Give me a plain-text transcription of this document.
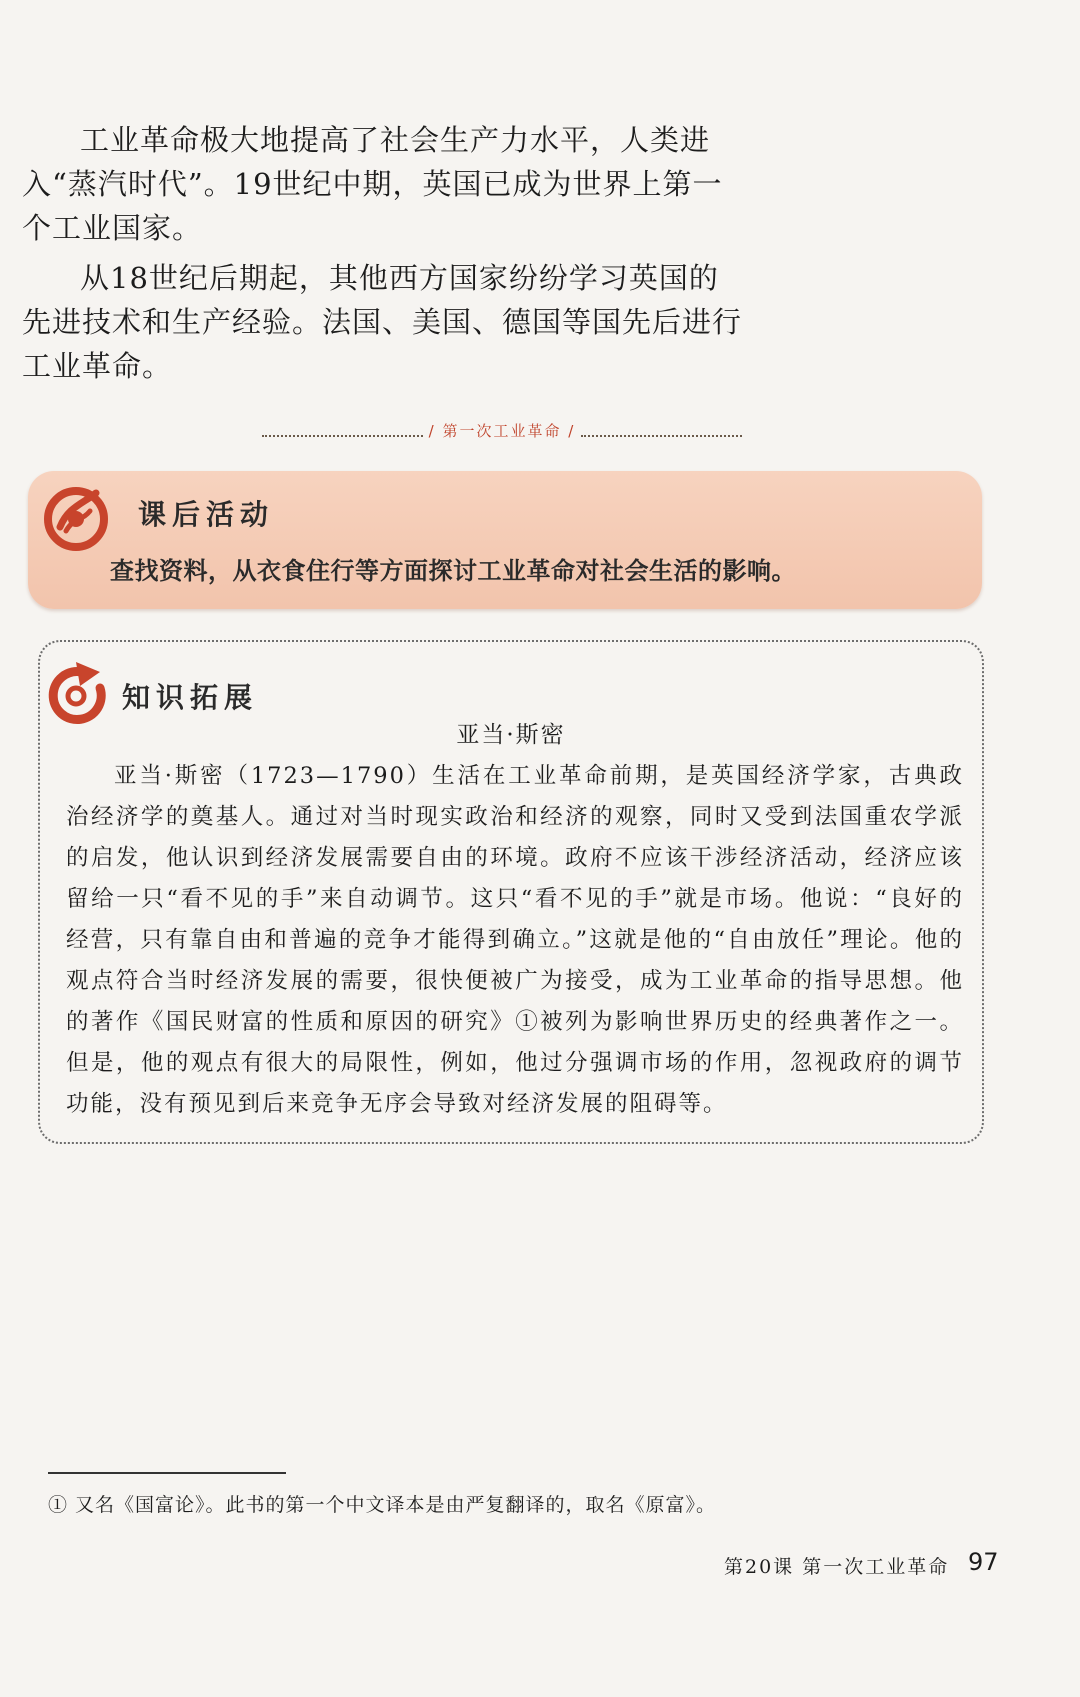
工业革命极大地提高了社会生产力水平，人类进入“蒸汽时代”。19世纪中期，英国已成为世界上第一个工业国家。

从18世纪后期起，其他西方国家纷纷学习英国的先进技术和生产经验。法国、美国、德国等国先后进行工业革命。

/ 第一次工业革命 /
课后活动
查找资料，从衣食住行等方面探讨工业革命对社会生活的影响。
知识拓展
亚当·斯密
亚当·斯密（1723—1790）生活在工业革命前期，是英国经济学家，古典政治经济学的奠基人。通过对当时现实政治和经济的观察，同时又受到法国重农学派的启发，他认识到经济发展需要自由的环境。政府不应该干涉经济活动，经济应该留给一只“看不见的手”来自动调节。这只“看不见的手”就是市场。他说：“良好的经营，只有靠自由和普遍的竞争才能得到确立。”这就是他的“自由放任”理论。他的观点符合当时经济发展的需要，很快便被广为接受，成为工业革命的指导思想。他的著作《国民财富的性质和原因的研究》①被列为影响世界历史的经典著作之一。但是，他的观点有很大的局限性，例如，他过分强调市场的作用，忽视政府的调节功能，没有预见到后来竞争无序会导致对经济发展的阻碍等。
① 又名《国富论》。此书的第一个中文译本是由严复翻译的，取名《原富》。
第20课 第一次工业革命 97
